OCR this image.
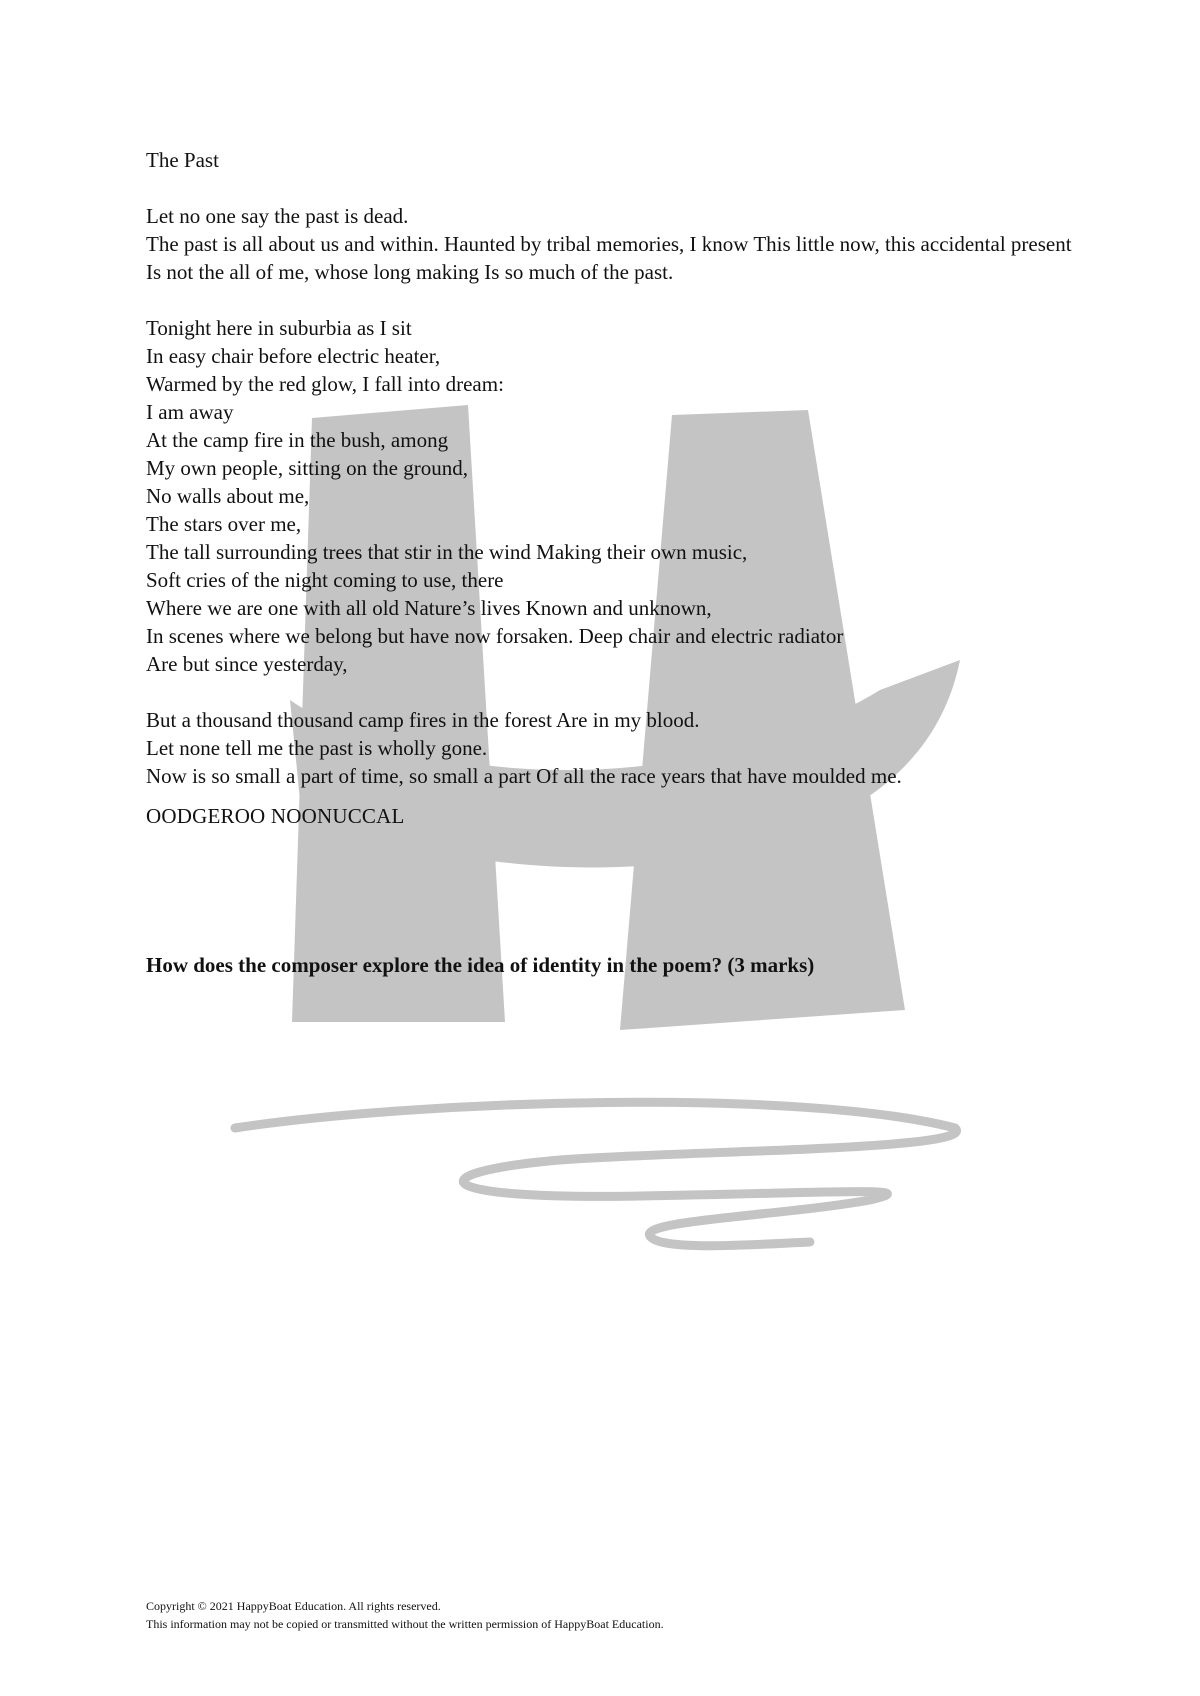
The Past

Let no one say the past is dead.

The past is all about us and within. Haunted by tribal memories, I know This little now, this accidental present Is not the all of me, whose long making Is so much of the past.

Tonight here in suburbia as I sit

In easy chair before electric heater,

Warmed by the red glow, I fall into dream:

I am away

At the camp fire in the bush, among

My own people, sitting on the ground,

No walls about me,

The stars over me,

The tall surrounding trees that stir in the wind Making their own music,

Soft cries of the night coming to use, there

Where we are one with all old Nature’s lives Known and unknown,

In scenes where we belong but have now forsaken. Deep chair and electric radiator

Are but since yesterday,

But a thousand thousand camp fires in the forest Are in my blood.

Let none tell me the past is wholly gone.

Now is so small a part of time, so small a part Of all the race years that have moulded me.

OODGEROO NOONUCCAL

How does the composer explore the idea of identity in the poem? (3 marks)

Copyright © 2021 HappyBoat Education. All rights reserved.

This information may not be copied or transmitted without the written permission of HappyBoat Education.
